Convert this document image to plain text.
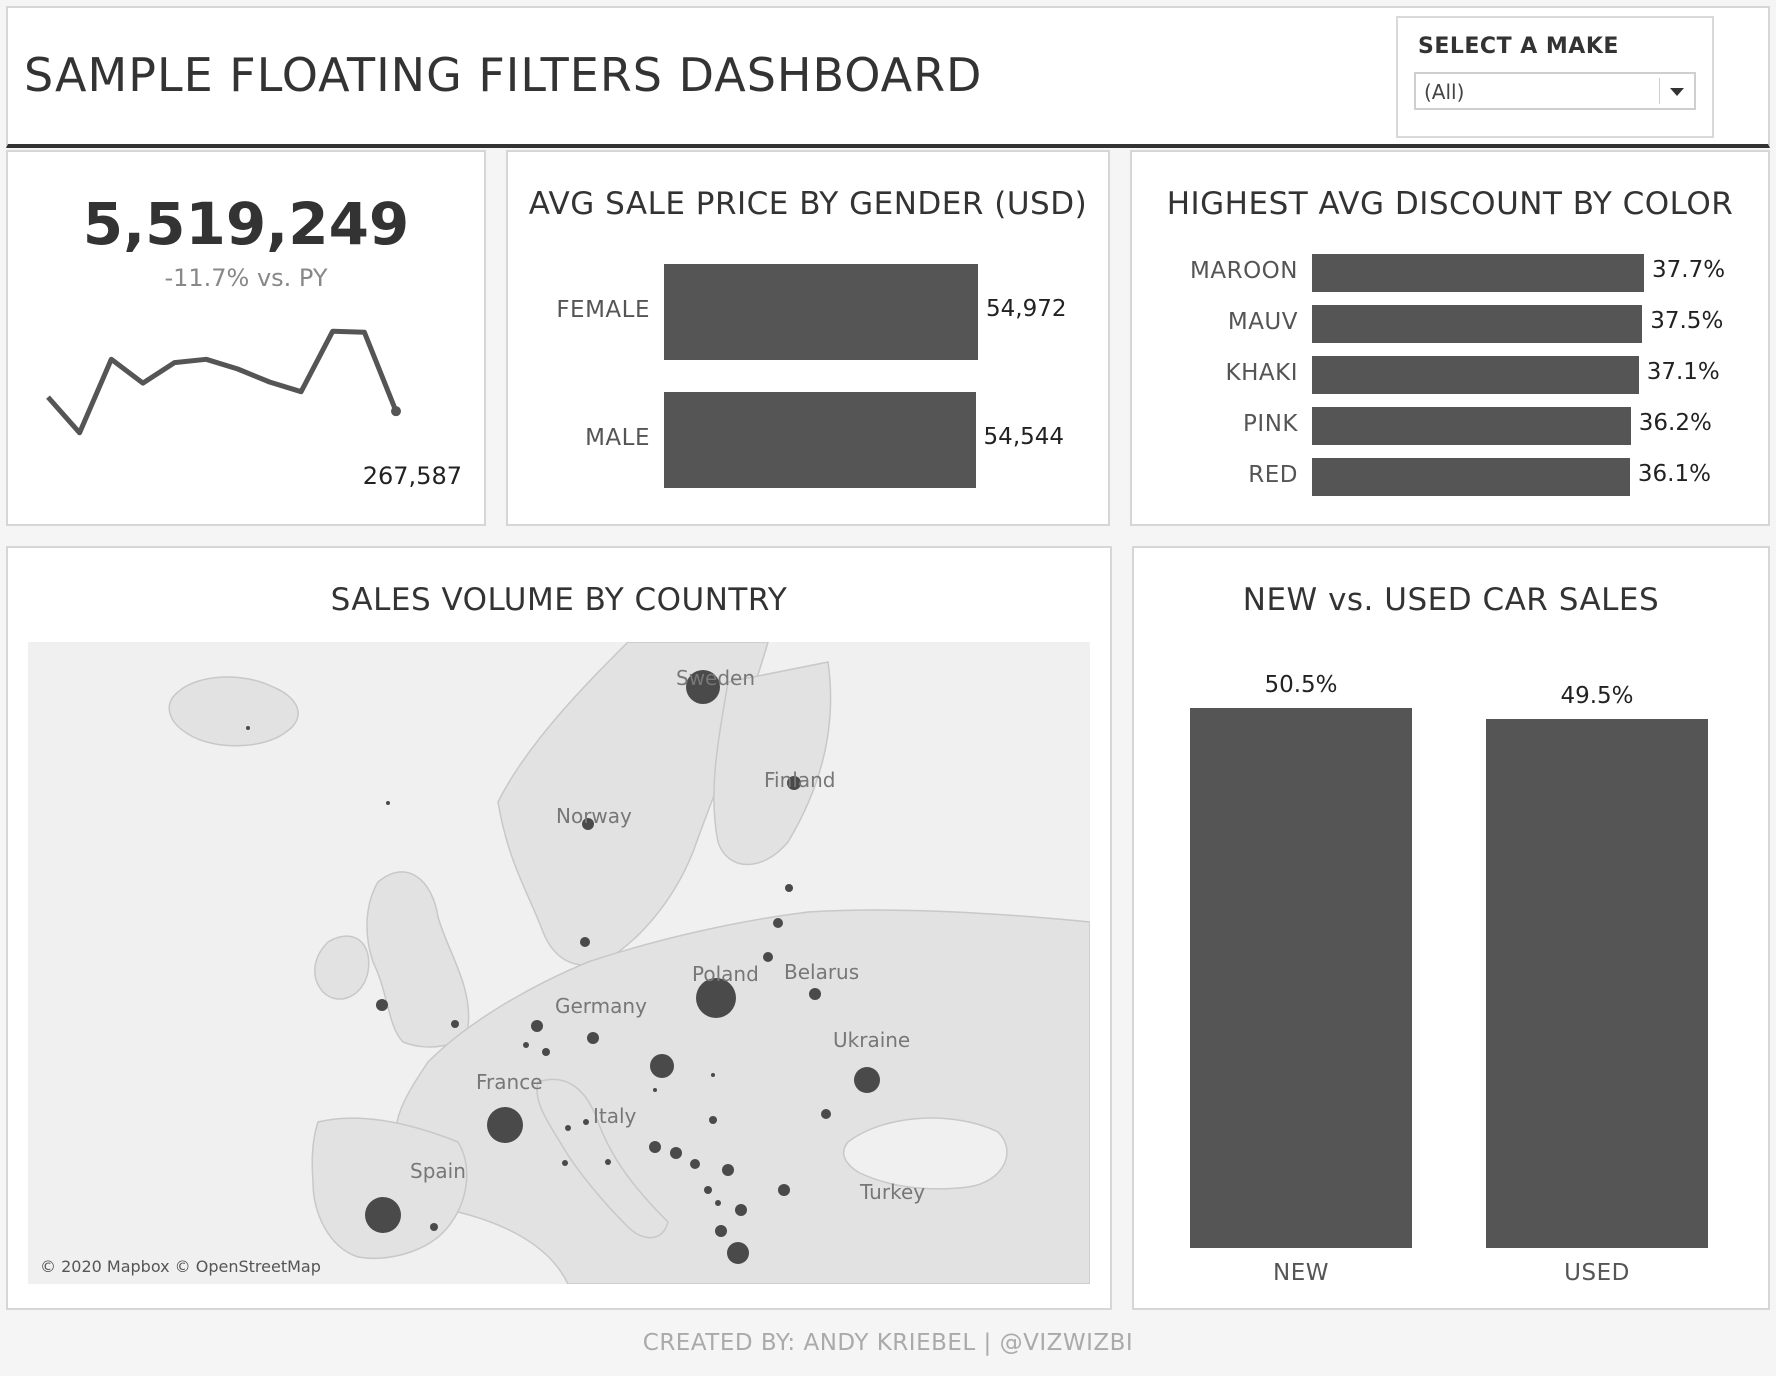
SAMPLE FLOATING FILTERS DASHBOARD
SELECT A MAKE
(All)
5,519,249
-11.7% vs. PY
267,587
AVG SALE PRICE BY GENDER (USD)
FEMALE	54,972
MALE	54,544
HIGHEST AVG DISCOUNT BY COLOR
MAROON	37.7%
MAUV	37.5%
KHAKI	37.1%
PINK	36.2%
RED	36.1%
SALES VOLUME BY COUNTRY
Sweden
Finland
Norway
Belarus
Germany
Poland
Ukraine
France
Italy
Spain
Turkey
© 2020 Mapbox © OpenStreetMap
NEW vs. USED CAR SALES
50.5%
NEW
49.5%
USED
CREATED BY: ANDY KRIEBEL | @VIZWIZBI
